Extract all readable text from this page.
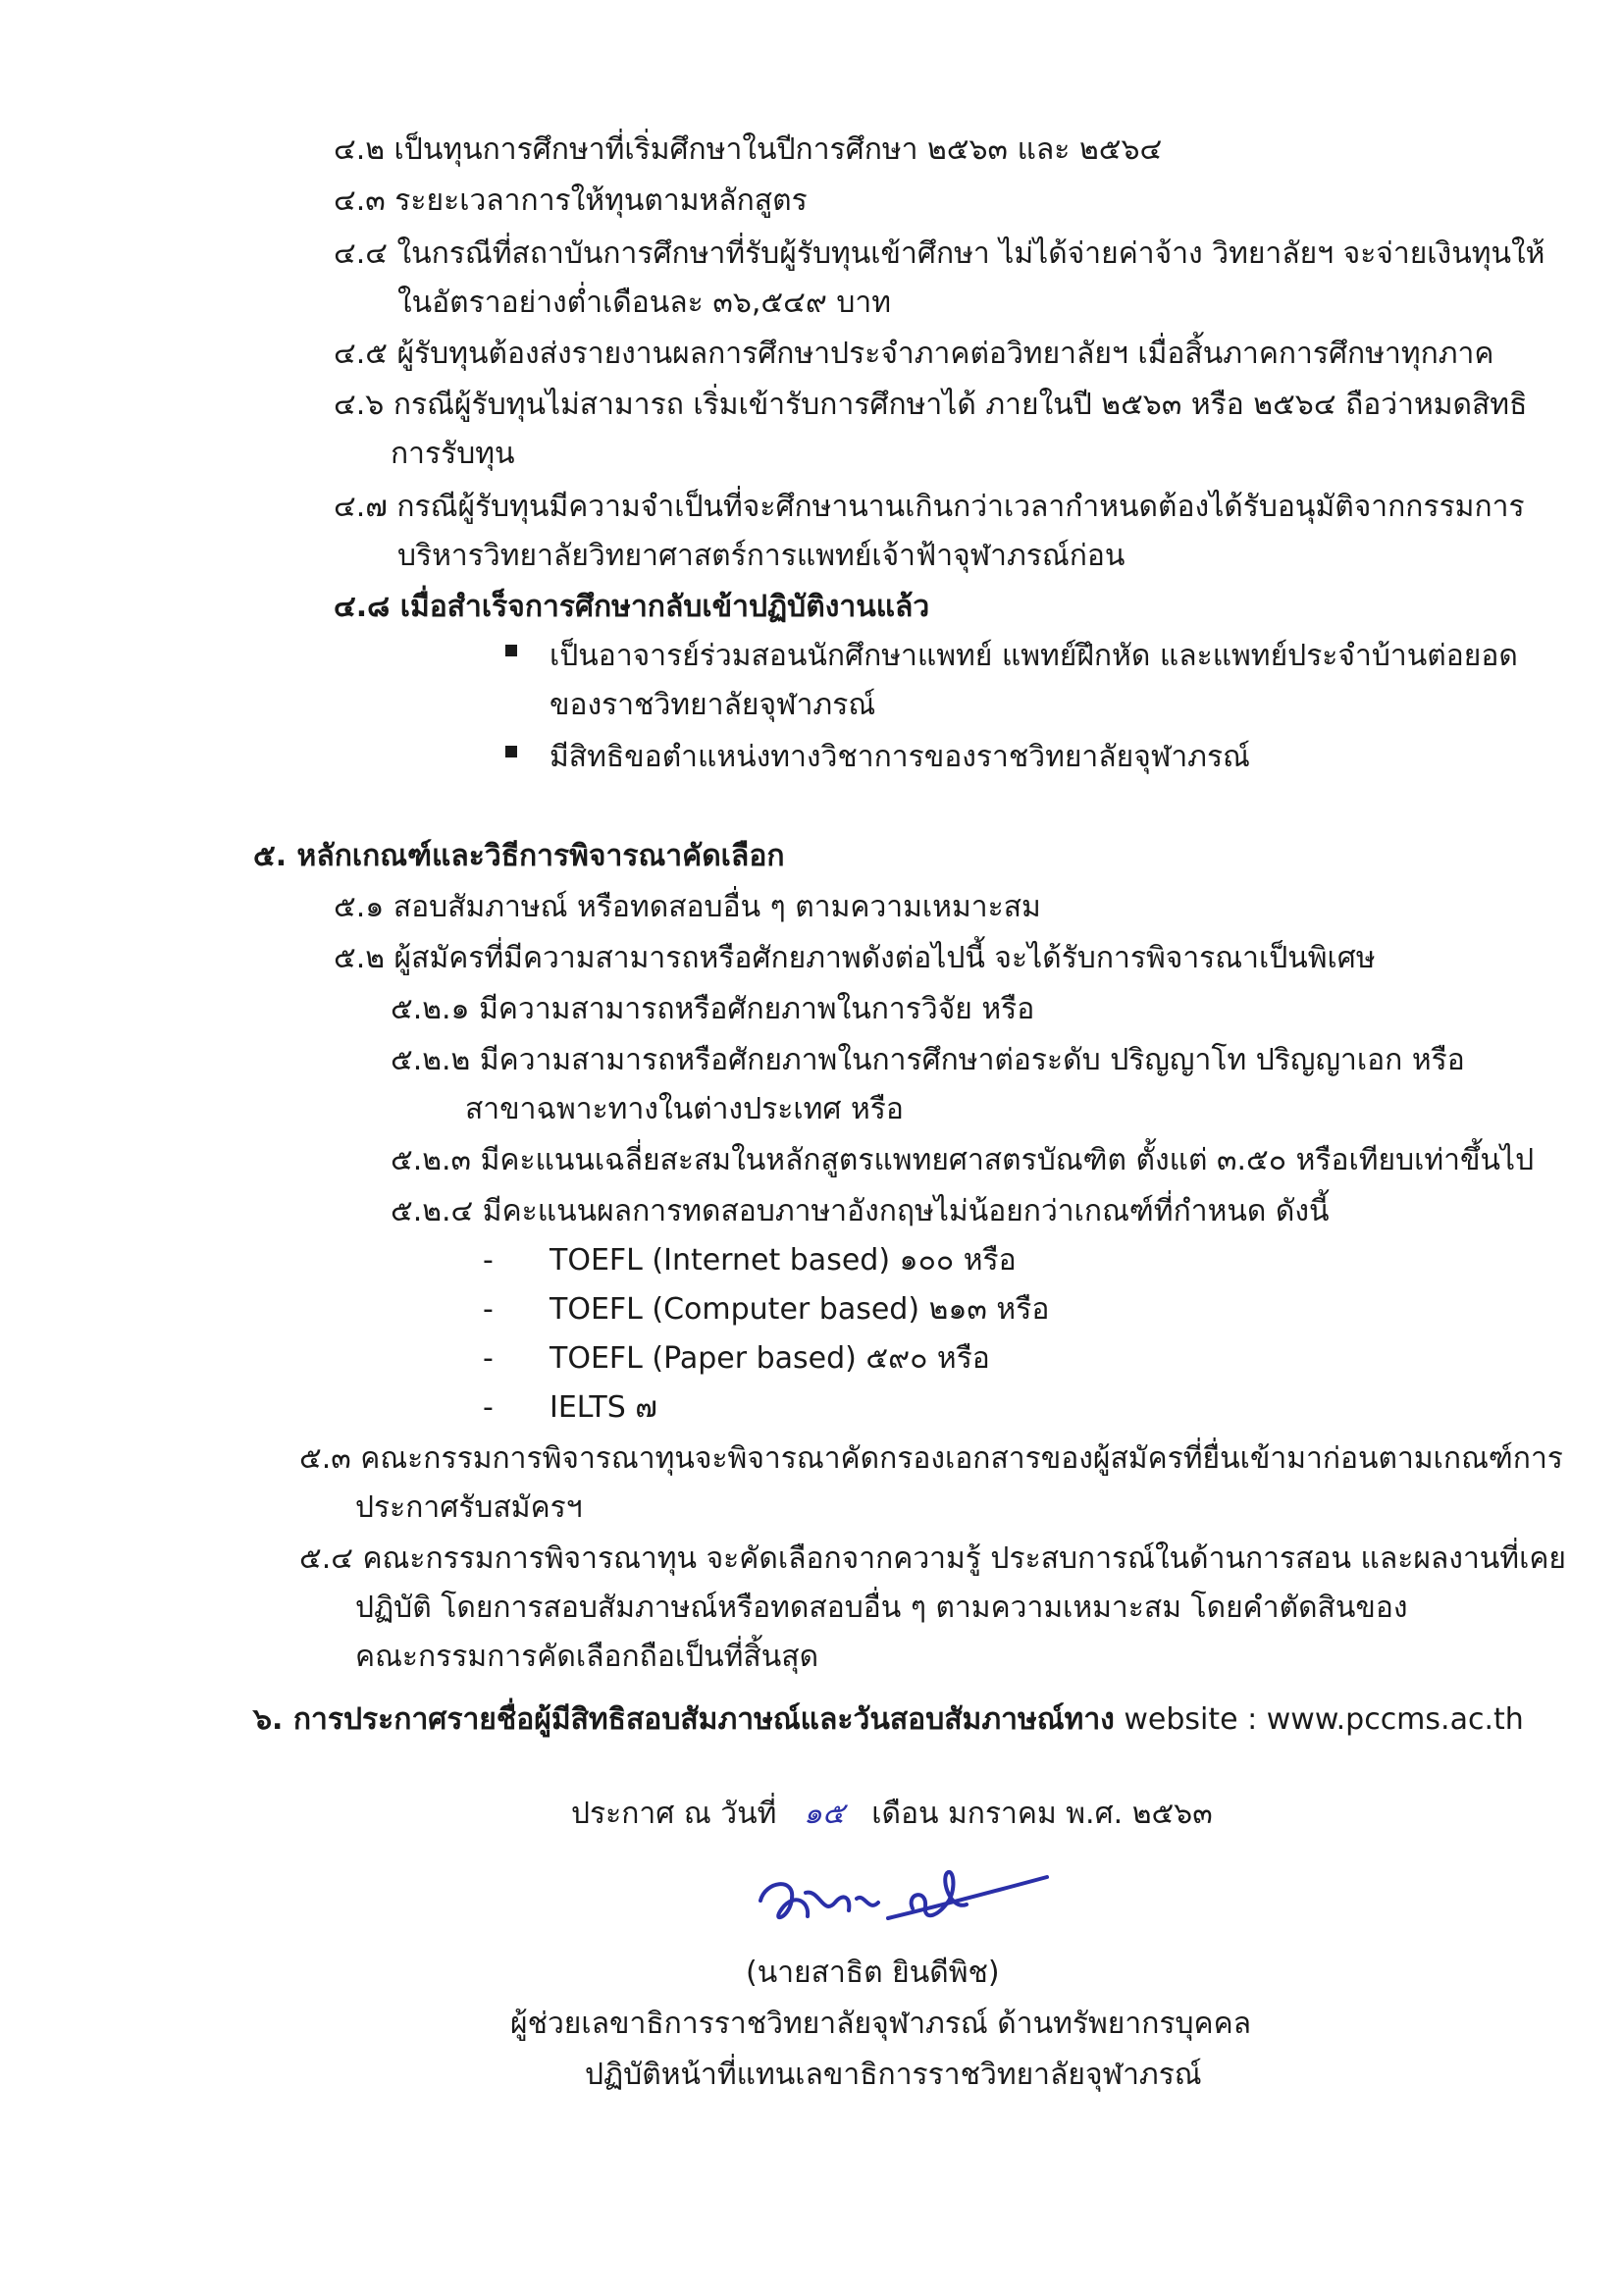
๔.๒ เป็นทุนการศึกษาที่เริ่มศึกษาในปีการศึกษา ๒๕๖๓ และ ๒๕๖๔
๔.๓ ระยะเวลาการให้ทุนตามหลักสูตร
๔.๔ ในกรณีที่สถาบันการศึกษาที่รับผู้รับทุนเข้าศึกษา ไม่ได้จ่ายค่าจ้าง วิทยาลัยฯ จะจ่ายเงินทุนให้
ในอัตราอย่างต่ำเดือนละ ๓๖,๕๔๙ บาท
๔.๕ ผู้รับทุนต้องส่งรายงานผลการศึกษาประจำภาคต่อวิทยาลัยฯ เมื่อสิ้นภาคการศึกษาทุกภาค
๔.๖ กรณีผู้รับทุนไม่สามารถ เริ่มเข้ารับการศึกษาได้ ภายในปี ๒๕๖๓ หรือ ๒๕๖๔ ถือว่าหมดสิทธิ
การรับทุน
๔.๗ กรณีผู้รับทุนมีความจำเป็นที่จะศึกษานานเกินกว่าเวลากำหนดต้องได้รับอนุมัติจากกรรมการ
บริหารวิทยาลัยวิทยาศาสตร์การแพทย์เจ้าฟ้าจุฬาภรณ์ก่อน
๔.๘ เมื่อสำเร็จการศึกษากลับเข้าปฏิบัติงานแล้ว
เป็นอาจารย์ร่วมสอนนักศึกษาแพทย์ แพทย์ฝึกหัด และแพทย์ประจำบ้านต่อยอด
ของราชวิทยาลัยจุฬาภรณ์
มีสิทธิขอตำแหน่งทางวิชาการของราชวิทยาลัยจุฬาภรณ์
๕. หลักเกณฑ์และวิธีการพิจารณาคัดเลือก
๕.๑ สอบสัมภาษณ์ หรือทดสอบอื่น ๆ ตามความเหมาะสม
๕.๒ ผู้สมัครที่มีความสามารถหรือศักยภาพดังต่อไปนี้ จะได้รับการพิจารณาเป็นพิเศษ
๕.๒.๑ มีความสามารถหรือศักยภาพในการวิจัย หรือ
๕.๒.๒ มีความสามารถหรือศักยภาพในการศึกษาต่อระดับ ปริญญาโท ปริญญาเอก หรือ
สาขาฉพาะทางในต่างประเทศ หรือ
๕.๒.๓ มีคะแนนเฉลี่ยสะสมในหลักสูตรแพทยศาสตรบัณฑิต ตั้งแต่ ๓.๕๐ หรือเทียบเท่าขึ้นไป
๕.๒.๔ มีคะแนนผลการทดสอบภาษาอังกฤษไม่น้อยกว่าเกณฑ์ที่กำหนด ดังนี้
- TOEFL (Internet based) ๑๐๐ หรือ
- TOEFL (Computer based) ๒๑๓ หรือ
- TOEFL (Paper based) ๕๙๐ หรือ
- IELTS ๗
๕.๓ คณะกรรมการพิจารณาทุนจะพิจารณาคัดกรองเอกสารของผู้สมัครที่ยื่นเข้ามาก่อนตามเกณฑ์การ
ประกาศรับสมัครฯ
๕.๔ คณะกรรมการพิจารณาทุน จะคัดเลือกจากความรู้ ประสบการณ์ในด้านการสอน และผลงานที่เคย
ปฏิบัติ โดยการสอบสัมภาษณ์หรือทดสอบอื่น ๆ ตามความเหมาะสม โดยคำตัดสินของ
คณะกรรมการคัดเลือกถือเป็นที่สิ้นสุด
๖. การประกาศรายชื่อผู้มีสิทธิสอบสัมภาษณ์และวันสอบสัมภาษณ์ทาง website : www.pccms.ac.th
ประกาศ ณ วันที่ ๑๕ เดือน มกราคม พ.ศ. ๒๕๖๓
(นายสาธิต ยินดีพิช)
ผู้ช่วยเลขาธิการราชวิทยาลัยจุฬาภรณ์ ด้านทรัพยากรบุคคล
ปฏิบัติหน้าที่แทนเลขาธิการราชวิทยาลัยจุฬาภรณ์
